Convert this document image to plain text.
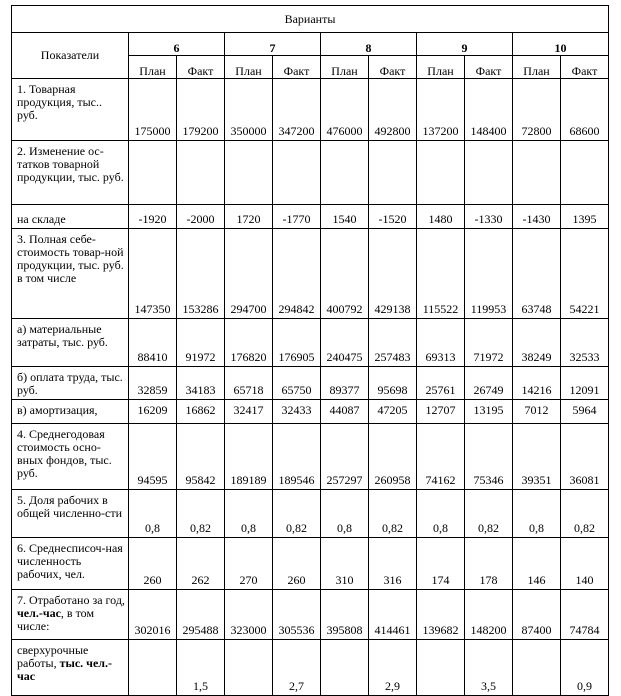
Варианты										
Показатели	6		7		8		9		10	
	План	Факт	План	Факт	План	Факт	План	Факт	План	Факт
1. Товарная продукция, тыс.. руб.	175000	179200	350000	347200	476000	492800	137200	148400	72800	68600
2. Изменение ос-татков товарной продукции, тыс. руб.										
на складе	-1920	-2000	1720	-1770	1540	-1520	1480	-1330	-1430	1395
3. Полная себе-стоимость товар-ной продукции, тыс. руб. в том числе	147350	153286	294700	294842	400792	429138	115522	119953	63748	54221
а) материальные затраты, тыс. руб.	88410	91972	176820	176905	240475	257483	69313	71972	38249	32533
б) оплата труда, тыс. руб.	32859	34183	65718	65750	89377	95698	25761	26749	14216	12091
в) амортизация,	16209	16862	32417	32433	44087	47205	12707	13195	7012	5964
4. Среднегодовая стоимость осно-вных фондов, тыс. руб.	94595	95842	189189	189546	257297	260958	74162	75346	39351	36081
5. Доля рабочих в общей численно-сти	0,8	0,82	0,8	0,82	0,8	0,82	0,8	0,82	0,8	0,82
6. Среднесписоч-ная численность рабочих, чел.	260	262	270	260	310	316	174	178	146	140
7. Отработано за год, чел.-час, в том числе:	302016	295488	323000	305536	395808	414461	139682	148200	87400	74784
сверхурочные работы, тыс. чел.-час		1,5		2,7		2,9		3,5		0,9
